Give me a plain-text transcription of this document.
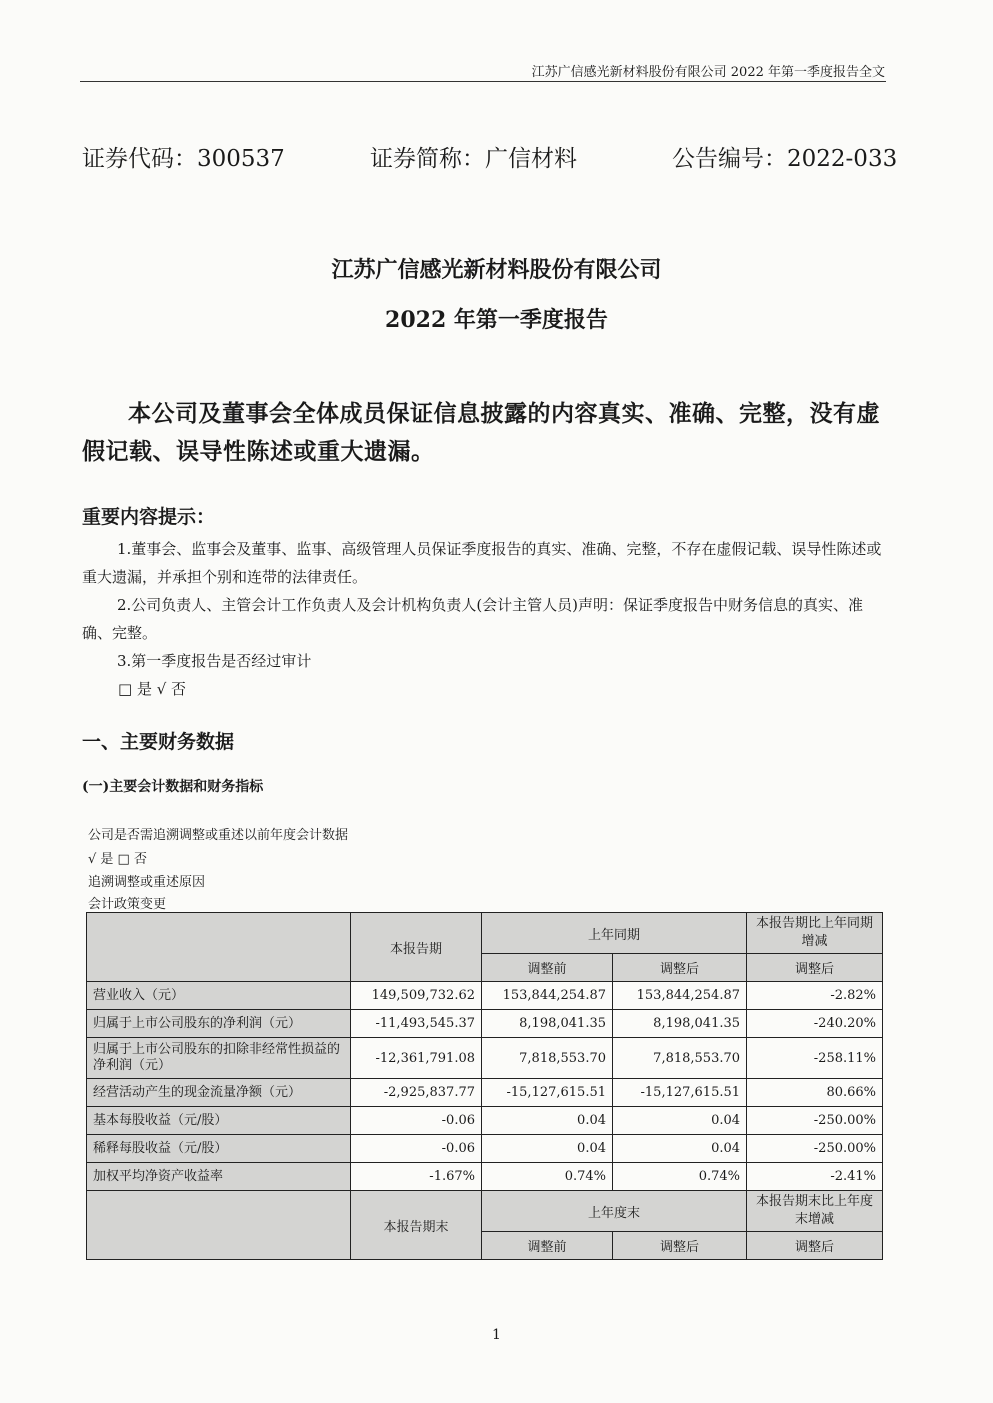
江苏广信感光新材料股份有限公司 2022 年第一季度报告全文
证券代码：300537	证券简称：广信材料	公告编号：2022-033
江苏广信感光新材料股份有限公司
2022 年第一季度报告
本公司及董事会全体成员保证信息披露的内容真实、准确、完整，没有虚假记载、误导性陈述或重大遗漏。
重要内容提示：
1.董事会、监事会及董事、监事、高级管理人员保证季度报告的真实、准确、完整，不存在虚假记载、误导性陈述或重大遗漏，并承担个别和连带的法律责任。
2.公司负责人、主管会计工作负责人及会计机构负责人(会计主管人员)声明：保证季度报告中财务信息的真实、准确、完整。
3.第一季度报告是否经过审计
□ 是 √ 否
一、主要财务数据
(一)主要会计数据和财务指标
公司是否需追溯调整或重述以前年度会计数据
√ 是 □ 否
追溯调整或重述原因
会计政策变更
	本报告期	上年同期		本报告期比上年同期增减
		调整前	调整后	调整后
营业收入（元）	149,509,732.62	153,844,254.87	153,844,254.87	-2.82%
归属于上市公司股东的净利润（元）	-11,493,545.37	8,198,041.35	8,198,041.35	-240.20%
归属于上市公司股东的扣除非经常性损益的净利润（元）	-12,361,791.08	7,818,553.70	7,818,553.70	-258.11%
经营活动产生的现金流量净额（元）	-2,925,837.77	-15,127,615.51	-15,127,615.51	80.66%
基本每股收益（元/股）	-0.06	0.04	0.04	-250.00%
稀释每股收益（元/股）	-0.06	0.04	0.04	-250.00%
加权平均净资产收益率	-1.67%	0.74%	0.74%	-2.41%
	本报告期末	上年度末		本报告期末比上年度末增减
		调整前	调整后	调整后
1
